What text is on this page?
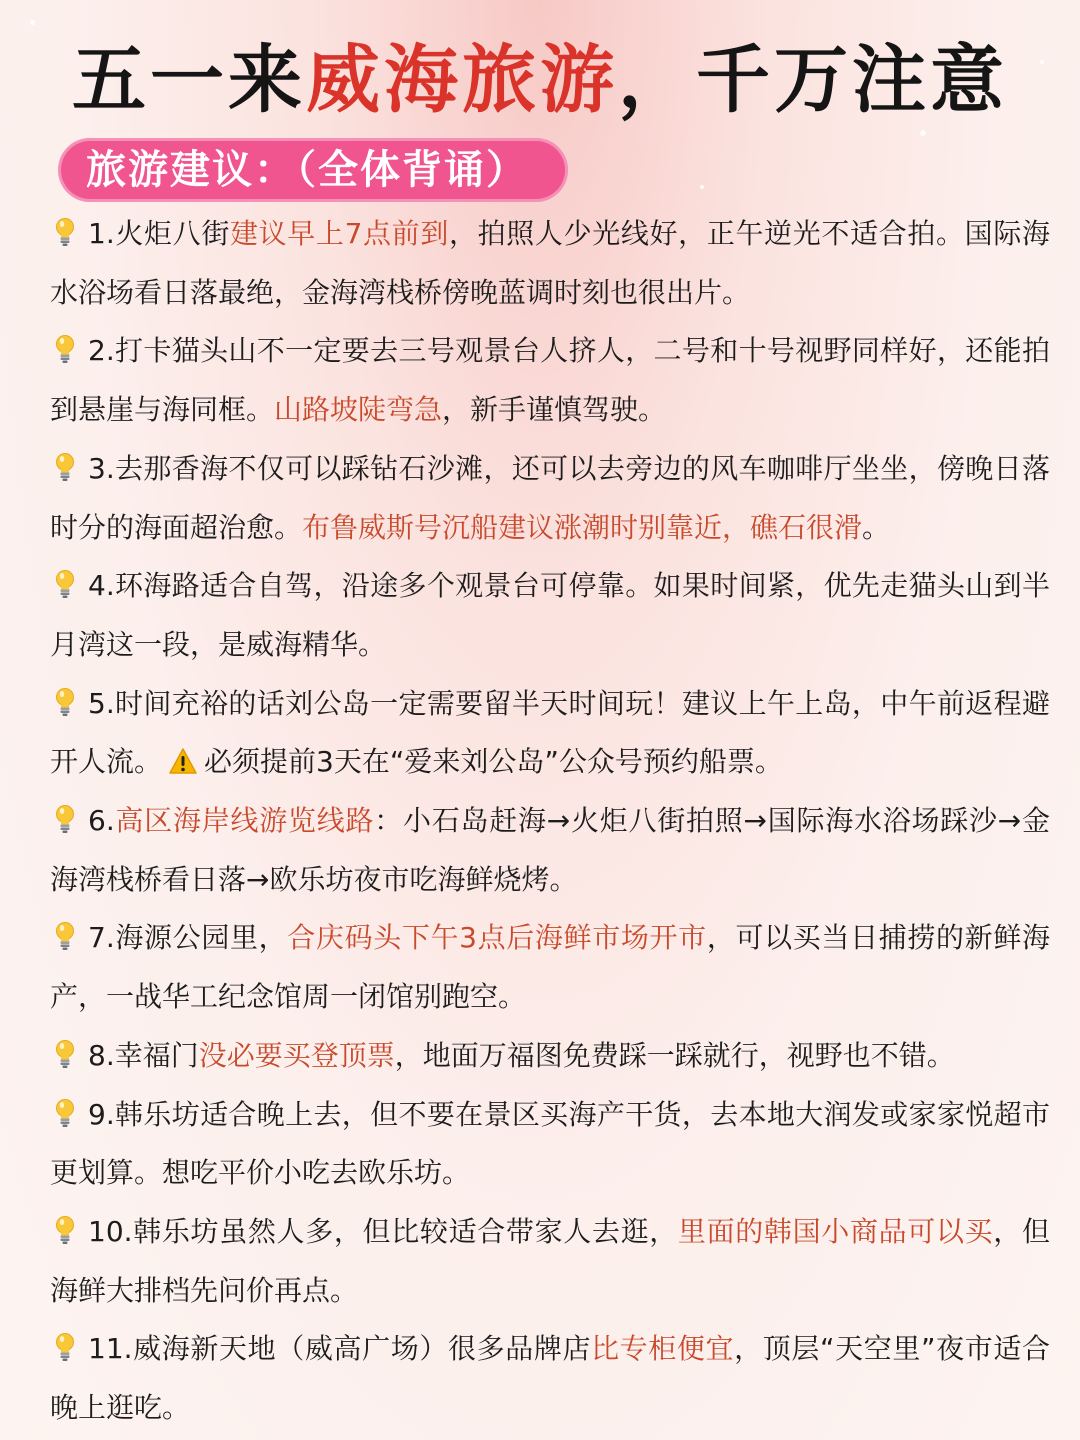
五一来威海旅游，千万注意
旅游建议：（全体背诵）
1.火炬八街建议早上7点前到，拍照人少光线好，正午逆光不适合拍。国际海水浴场看日落最绝，金海湾栈桥傍晚蓝调时刻也很出片。
2.打卡猫头山不一定要去三号观景台人挤人，二号和十号视野同样好，还能拍到悬崖与海同框。山路坡陡弯急，新手谨慎驾驶。
3.去那香海不仅可以踩钻石沙滩，还可以去旁边的风车咖啡厅坐坐，傍晚日落时分的海面超治愈。布鲁威斯号沉船建议涨潮时别靠近，礁石很滑。
4.环海路适合自驾，沿途多个观景台可停靠。如果时间紧，优先走猫头山到半月湾这一段，是威海精华。
5.时间充裕的话刘公岛一定需要留半天时间玩！建议上午上岛，中午前返程避开人流。 必须提前3天在“爱来刘公岛”公众号预约船票。
6.高区海岸线游览线路：小石岛赶海→火炬八街拍照→国际海水浴场踩沙→金海湾栈桥看日落→欧乐坊夜市吃海鲜烧烤。
7.海源公园里，合庆码头下午3点后海鲜市场开市，可以买当日捕捞的新鲜海产，一战华工纪念馆周一闭馆别跑空。
8.幸福门没必要买登顶票，地面万福图免费踩一踩就行，视野也不错。
9.韩乐坊适合晚上去，但不要在景区买海产干货，去本地大润发或家家悦超市更划算。想吃平价小吃去欧乐坊。
10.韩乐坊虽然人多，但比较适合带家人去逛，里面的韩国小商品可以买，但海鲜大排档先问价再点。
11.威海新天地（威高广场）很多品牌店比专柜便宜，顶层“天空里”夜市适合晚上逛吃。
